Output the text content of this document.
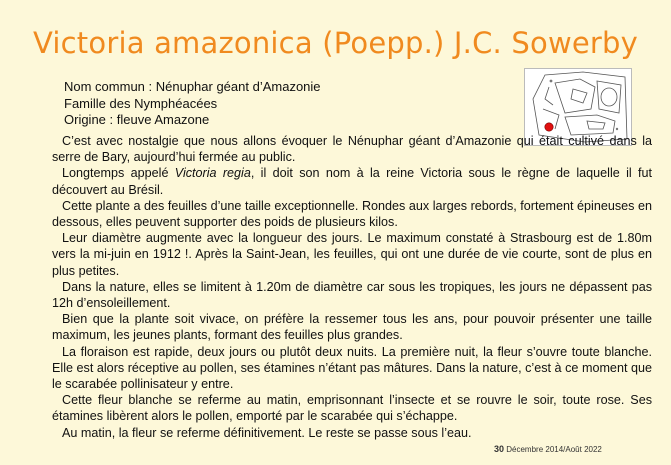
Victoria amazonica (Poepp.) J.C. Sowerby
Nom commun : Nénuphar géant d’Amazonie
Famille des Nymphéacées
Origine : fleuve Amazone

C’est avec nostalgie que nous allons évoquer le Nénuphar géant d’Amazonie qui était cultivé dans la serre de Bary, aujourd’hui fermée au public.

Longtemps appelé Victoria regia, il doit son nom à la reine Victoria sous le règne de laquelle il fut découvert au Brésil.

Cette plante a des feuilles d’une taille exceptionnelle. Rondes aux larges rebords, fortement épineuses en dessous, elles peuvent supporter des poids de plusieurs kilos.

Leur diamètre augmente avec la longueur des jours. Le maximum constaté à Strasbourg est de 1.80m vers la mi-juin en 1912 !. Après la Saint-Jean, les feuilles, qui ont une durée de vie courte, sont de plus en plus petites.

Dans la nature, elles se limitent à 1.20m de diamètre car sous les tropiques, les jours ne dépassent pas 12h d’ensoleillement.

Bien que la plante soit vivace, on préfère la ressemer tous les ans, pour pouvoir présenter une taille maximum, les jeunes plants, formant des feuilles plus grandes.

La floraison est rapide, deux jours ou plutôt deux nuits. La première nuit, la fleur s’ouvre toute blanche. Elle est alors réceptive au pollen, ses étamines n’étant pas mâtures. Dans la nature, c’est à ce moment que le scarabée pollinisateur y entre.

Cette fleur blanche se referme au matin, emprisonnant l’insecte et se rouvre le soir, toute rose. Ses étamines libèrent alors le pollen, emporté par le scarabée qui s’échappe.

Au matin, la fleur se referme définitivement. Le reste se passe sous l’eau.

30 Décembre 2014/Août 2022
